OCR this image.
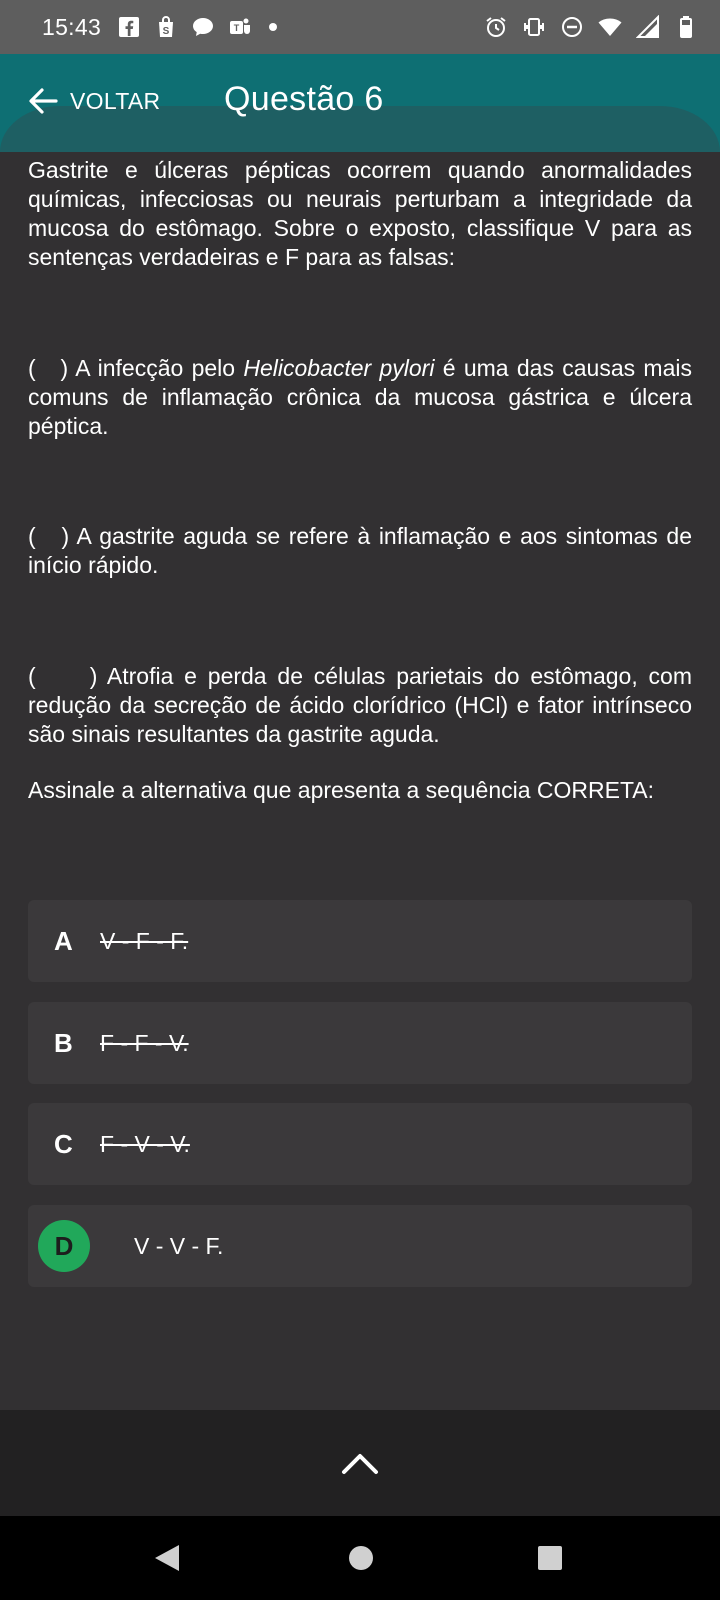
15:43	S	T
VOLTAR Questão 6

Gastrite e úlceras pépticas ocorrem quando anormalidades químicas, infecciosas ou neurais perturbam a integridade da mucosa do estômago. Sobre o exposto, classifique V para as sentenças verdadeiras e F para as falsas:

(   ) A infecção pelo Helicobacter pylori é uma das causas mais comuns de inflamação crônica da mucosa gástrica e úlcera péptica.

(   ) A gastrite aguda se refere à inflamação e aos sintomas de início rápido.

(     ) Atrofia e perda de células parietais do estômago, com redução da secreção de ácido clorídrico (HCl) e fator intrínseco são sinais resultantes da gastrite aguda.

Assinale a alternativa que apresenta a sequência CORRETA:

A	V - F - F.
B	F - F - V.
C	F - V - V.
D	V - V - F.
